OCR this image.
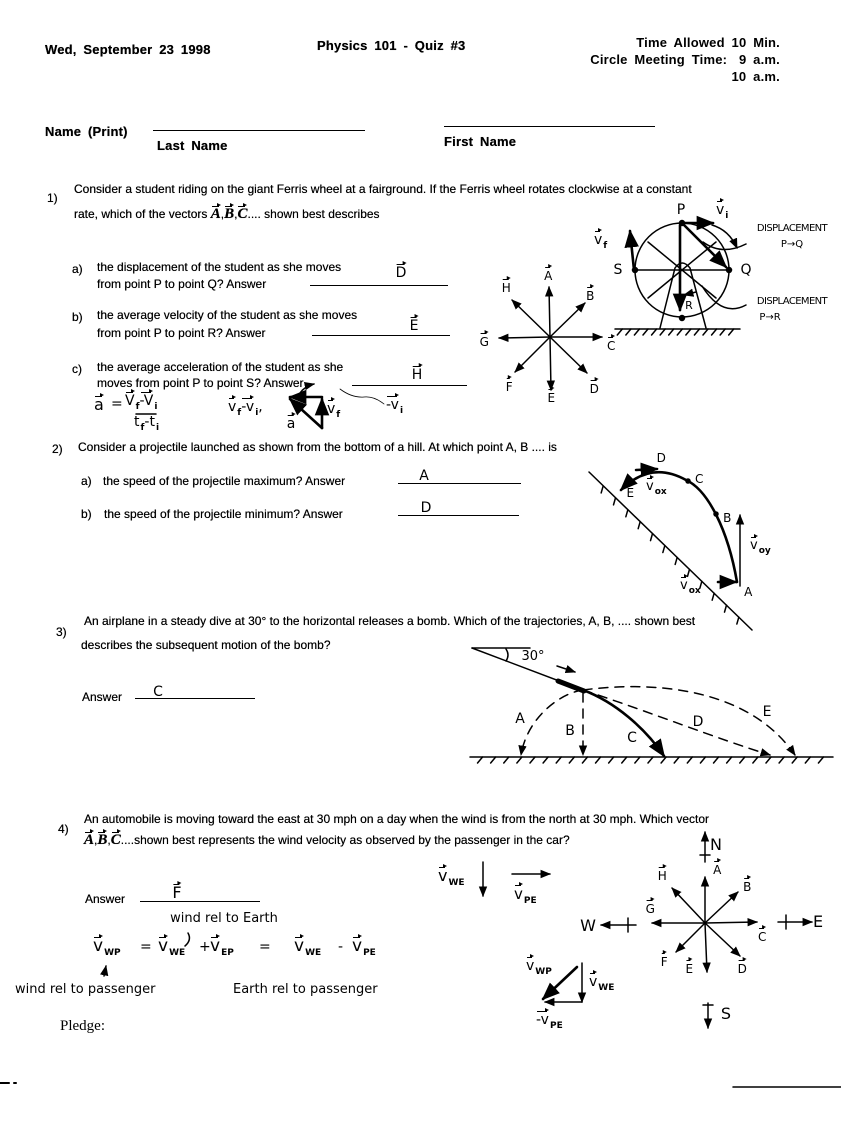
Wed, September 23 1998	Physics 101 - Quiz #3	Time Allowed 10 Min.
Circle Meeting Time: 9 a.m.
10 a.m.
Name (Print)
Last Name	First Name
1)
Consider a student riding on the giant Ferris wheel at a fairground. If the Ferris wheel rotates clockwise at a constant
rate, which of the vectors A,B,C.... shown best describes
a) the displacement of the student as she moves
from point P to point Q? Answer
D
b) the average velocity of the student as she moves
from point P to point R? Answer	E
c) the average acceleration of the student as she
moves from point P to point S? Answer	H
a = Vf-Vi
tf-ti
vf-vi,
a
vf
-vi
A
B
C
D
E
F
G
H
P
Q
S
R
vi
vf
DISPLACEMENT
P→Q
DISPLACEMENT
P→R
2) Consider a projectile launched as shown from the bottom of a hill. At which point A, B .... is
a) the speed of the projectile maximum? Answer	A
b) the speed of the projectile minimum? Answer	D
A
B
C
D
E vox
voy
vox
3)
An airplane in a steady dive at 30° to the horizontal releases a bomb. Which of the trajectories, A, B, .... shown best
describes the subsequent motion of the bomb?
Answer C
30°
A
B	C
D
E
4)
An automobile is moving toward the east at 30 mph on a day when the wind is from the north at 30 mph. Which vector
A,B,C....shown best represents the wind velocity as observed by the passenger in the car?
Answer	F
wind rel to Earth
vWP = vWE + vEP = vWE - vPE
wind rel to passenger	Earth rel to passenger
vWE
vPE
N
S
W	E
A
B
C
D
E
F
G
H
vWP
vWE
-vPE
Pledge:
